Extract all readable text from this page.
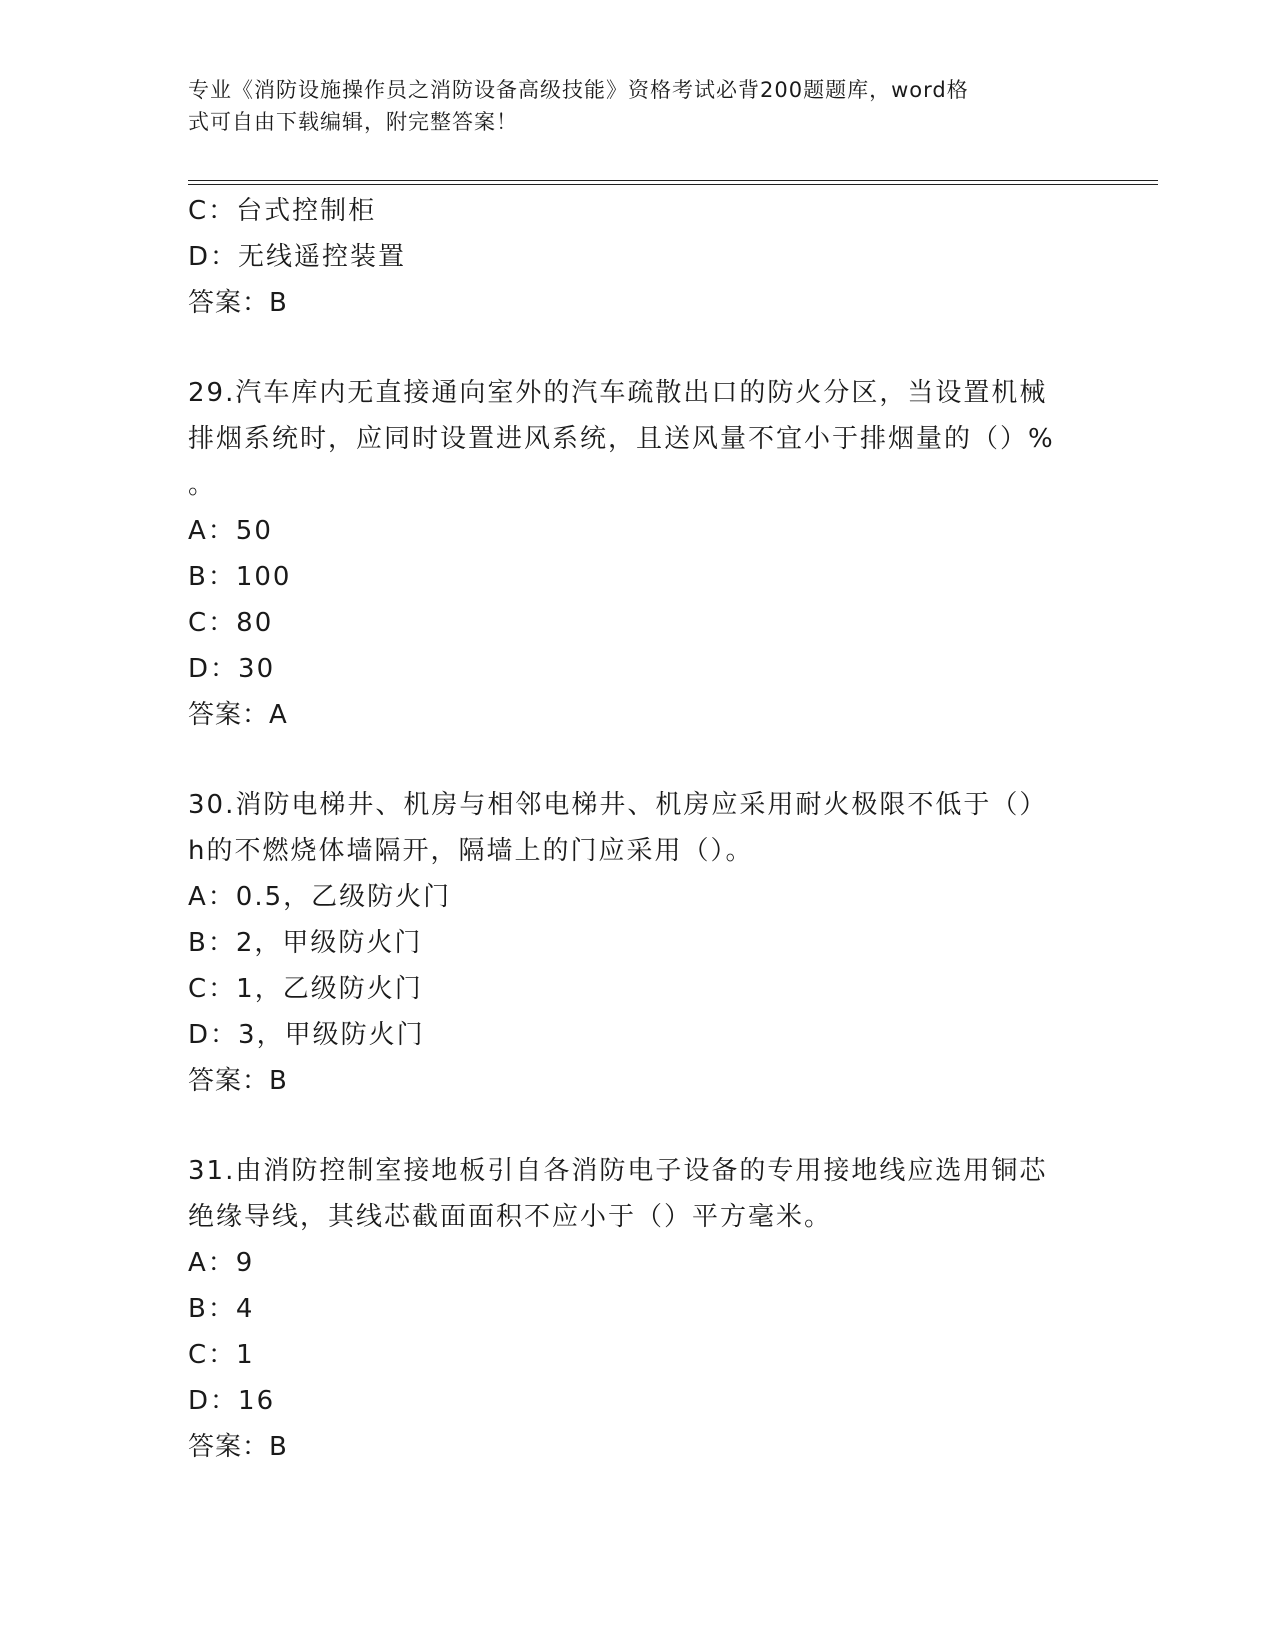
专业《消防设施操作员之消防设备高级技能》资格考试必背200题题库，word格
式可自由下载编辑，附完整答案！
C：台式控制柜
D：无线遥控装置
答案：B
29.汽车库内无直接通向室外的汽车疏散出口的防火分区，当设置机械
排烟系统时，应同时设置进风系统，且送风量不宜小于排烟量的（）%
。
A：50
B：100
C：80
D：30
答案：A
30.消防电梯井、机房与相邻电梯井、机房应采用耐火极限不低于（）
h的不燃烧体墙隔开，隔墙上的门应采用（）。
A：0.5，乙级防火门
B：2，甲级防火门
C：1，乙级防火门
D：3，甲级防火门
答案：B
31.由消防控制室接地板引自各消防电子设备的专用接地线应选用铜芯
绝缘导线，其线芯截面面积不应小于（）平方毫米。
A：9
B：4
C：1
D：16
答案：B
